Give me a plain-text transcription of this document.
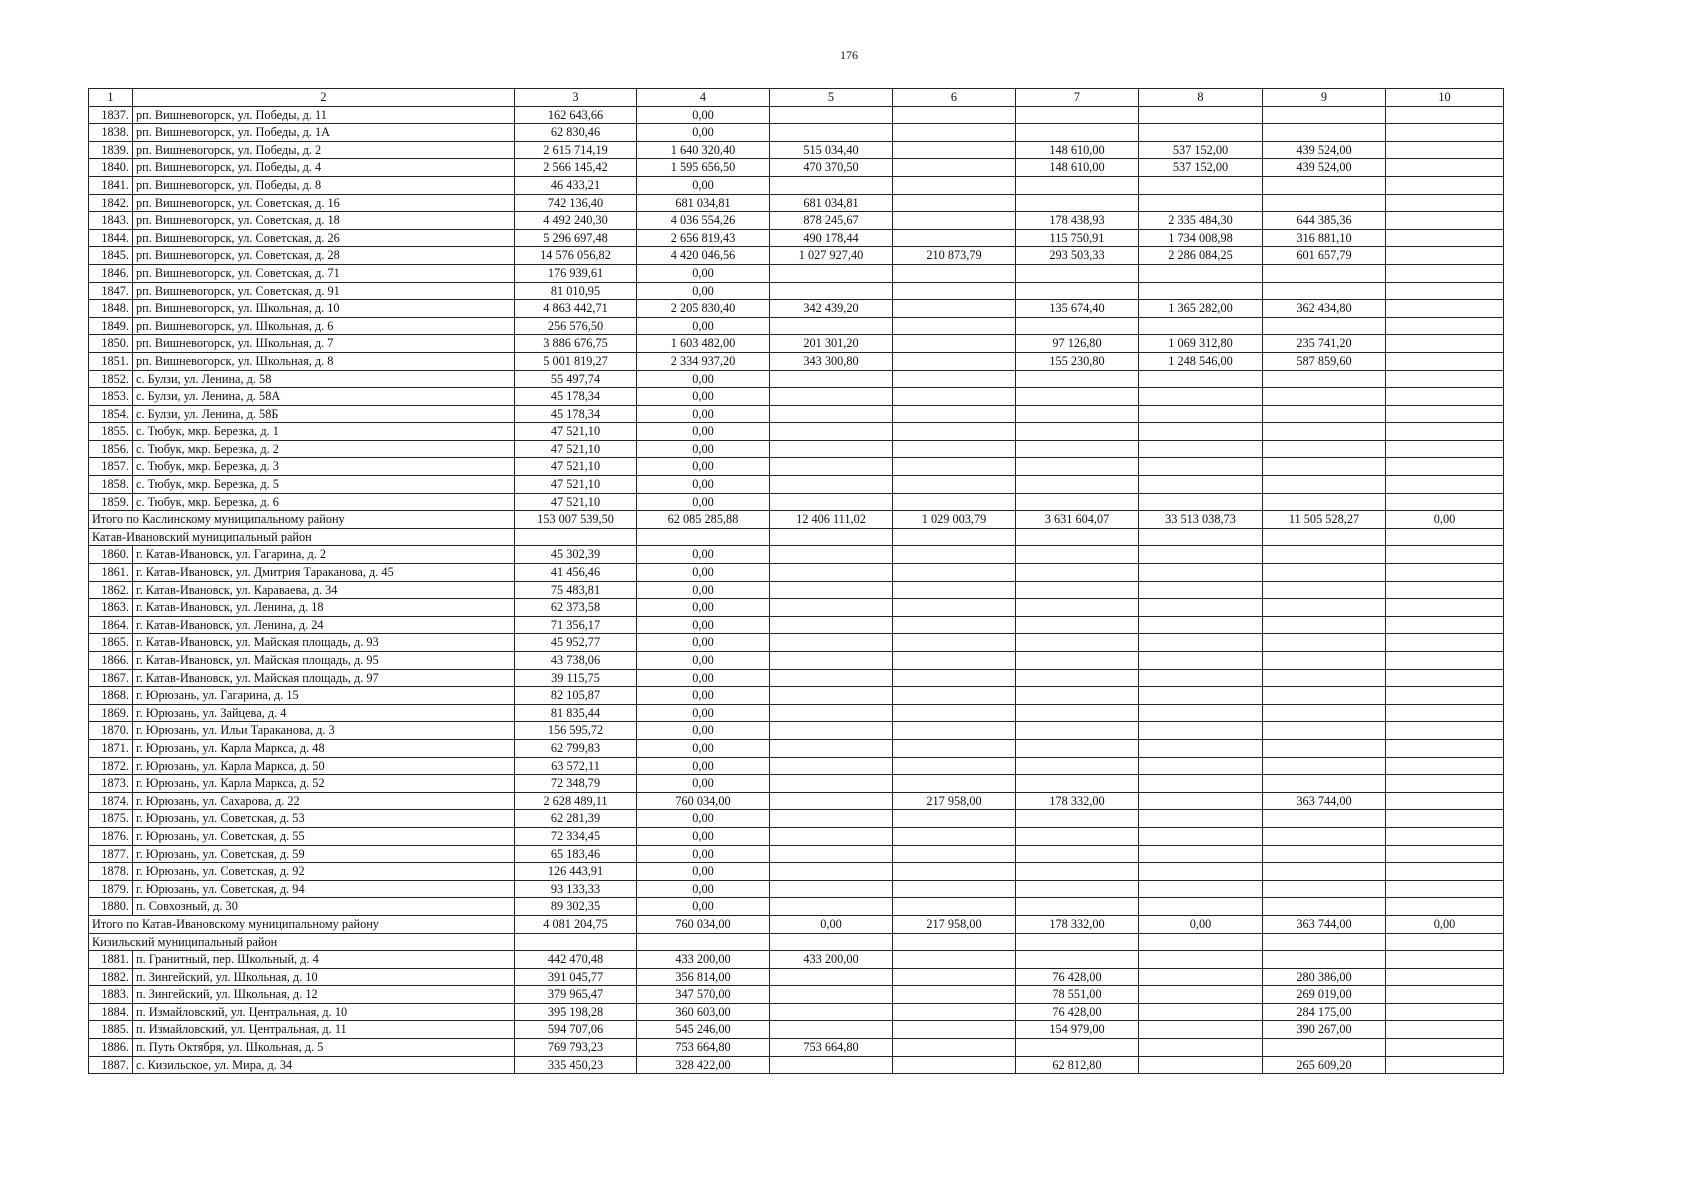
176
1	2	3	4	5	6	7	8	9	10
1837.	рп. Вишневогорск, ул. Победы, д. 11	162 643,66	0,00						
1838.	рп. Вишневогорск, ул. Победы, д. 1А	62 830,46	0,00						
1839.	рп. Вишневогорск, ул. Победы, д. 2	2 615 714,19	1 640 320,40	515 034,40		148 610,00	537 152,00	439 524,00	
1840.	рп. Вишневогорск, ул. Победы, д. 4	2 566 145,42	1 595 656,50	470 370,50		148 610,00	537 152,00	439 524,00	
1841.	рп. Вишневогорск, ул. Победы, д. 8	46 433,21	0,00						
1842.	рп. Вишневогорск, ул. Советская, д. 16	742 136,40	681 034,81	681 034,81					
1843.	рп. Вишневогорск, ул. Советская, д. 18	4 492 240,30	4 036 554,26	878 245,67		178 438,93	2 335 484,30	644 385,36	
1844.	рп. Вишневогорск, ул. Советская, д. 26	5 296 697,48	2 656 819,43	490 178,44		115 750,91	1 734 008,98	316 881,10	
1845.	рп. Вишневогорск, ул. Советская, д. 28	14 576 056,82	4 420 046,56	1 027 927,40	210 873,79	293 503,33	2 286 084,25	601 657,79	
1846.	рп. Вишневогорск, ул. Советская, д. 71	176 939,61	0,00						
1847.	рп. Вишневогорск, ул. Советская, д. 91	81 010,95	0,00						
1848.	рп. Вишневогорск, ул. Школьная, д. 10	4 863 442,71	2 205 830,40	342 439,20		135 674,40	1 365 282,00	362 434,80	
1849.	рп. Вишневогорск, ул. Школьная, д. 6	256 576,50	0,00						
1850.	рп. Вишневогорск, ул. Школьная, д. 7	3 886 676,75	1 603 482,00	201 301,20		97 126,80	1 069 312,80	235 741,20	
1851.	рп. Вишневогорск, ул. Школьная, д. 8	5 001 819,27	2 334 937,20	343 300,80		155 230,80	1 248 546,00	587 859,60	
1852.	с. Булзи, ул. Ленина, д. 58	55 497,74	0,00						
1853.	с. Булзи, ул. Ленина, д. 58А	45 178,34	0,00						
1854.	с. Булзи, ул. Ленина, д. 58Б	45 178,34	0,00						
1855.	с. Тюбук, мкр. Березка, д. 1	47 521,10	0,00						
1856.	с. Тюбук, мкр. Березка, д. 2	47 521,10	0,00						
1857.	с. Тюбук, мкр. Березка, д. 3	47 521,10	0,00						
1858.	с. Тюбук, мкр. Березка, д. 5	47 521,10	0,00						
1859.	с. Тюбук, мкр. Березка, д. 6	47 521,10	0,00						
Итого по Каслинскому муниципальному району		153 007 539,50	62 085 285,88	12 406 111,02	1 029 003,79	3 631 604,07	33 513 038,73	11 505 528,27	0,00
Катав-Ивановский муниципальный район									
1860.	г. Катав-Ивановск, ул. Гагарина, д. 2	45 302,39	0,00						
1861.	г. Катав-Ивановск, ул. Дмитрия Тараканова, д. 45	41 456,46	0,00						
1862.	г. Катав-Ивановск, ул. Караваева, д. 34	75 483,81	0,00						
1863.	г. Катав-Ивановск, ул. Ленина, д. 18	62 373,58	0,00						
1864.	г. Катав-Ивановск, ул. Ленина, д. 24	71 356,17	0,00						
1865.	г. Катав-Ивановск, ул. Майская площадь, д. 93	45 952,77	0,00						
1866.	г. Катав-Ивановск, ул. Майская площадь, д. 95	43 738,06	0,00						
1867.	г. Катав-Ивановск, ул. Майская площадь, д. 97	39 115,75	0,00						
1868.	г. Юрюзань, ул. Гагарина, д. 15	82 105,87	0,00						
1869.	г. Юрюзань, ул. Зайцева, д. 4	81 835,44	0,00						
1870.	г. Юрюзань, ул. Ильи Тараканова, д. 3	156 595,72	0,00						
1871.	г. Юрюзань, ул. Карла Маркса, д. 48	62 799,83	0,00						
1872.	г. Юрюзань, ул. Карла Маркса, д. 50	63 572,11	0,00						
1873.	г. Юрюзань, ул. Карла Маркса, д. 52	72 348,79	0,00						
1874.	г. Юрюзань, ул. Сахарова, д. 22	2 628 489,11	760 034,00		217 958,00	178 332,00		363 744,00	
1875.	г. Юрюзань, ул. Советская, д. 53	62 281,39	0,00						
1876.	г. Юрюзань, ул. Советская, д. 55	72 334,45	0,00						
1877.	г. Юрюзань, ул. Советская, д. 59	65 183,46	0,00						
1878.	г. Юрюзань, ул. Советская, д. 92	126 443,91	0,00						
1879.	г. Юрюзань, ул. Советская, д. 94	93 133,33	0,00						
1880.	п. Совхозный, д. 30	89 302,35	0,00						
Итого по Катав-Ивановскому муниципальному району		4 081 204,75	760 034,00	0,00	217 958,00	178 332,00	0,00	363 744,00	0,00
Кизильский муниципальный район									
1881.	п. Гранитный, пер. Школьный, д. 4	442 470,48	433 200,00	433 200,00					
1882.	п. Зингейский, ул. Школьная, д. 10	391 045,77	356 814,00			76 428,00		280 386,00	
1883.	п. Зингейский, ул. Школьная, д. 12	379 965,47	347 570,00			78 551,00		269 019,00	
1884.	п. Измайловский, ул. Центральная, д. 10	395 198,28	360 603,00			76 428,00		284 175,00	
1885.	п. Измайловский, ул. Центральная, д. 11	594 707,06	545 246,00			154 979,00		390 267,00	
1886.	п. Путь Октября, ул. Школьная, д. 5	769 793,23	753 664,80	753 664,80					
1887.	с. Кизильское, ул. Мира, д. 34	335 450,23	328 422,00			62 812,80		265 609,20	
